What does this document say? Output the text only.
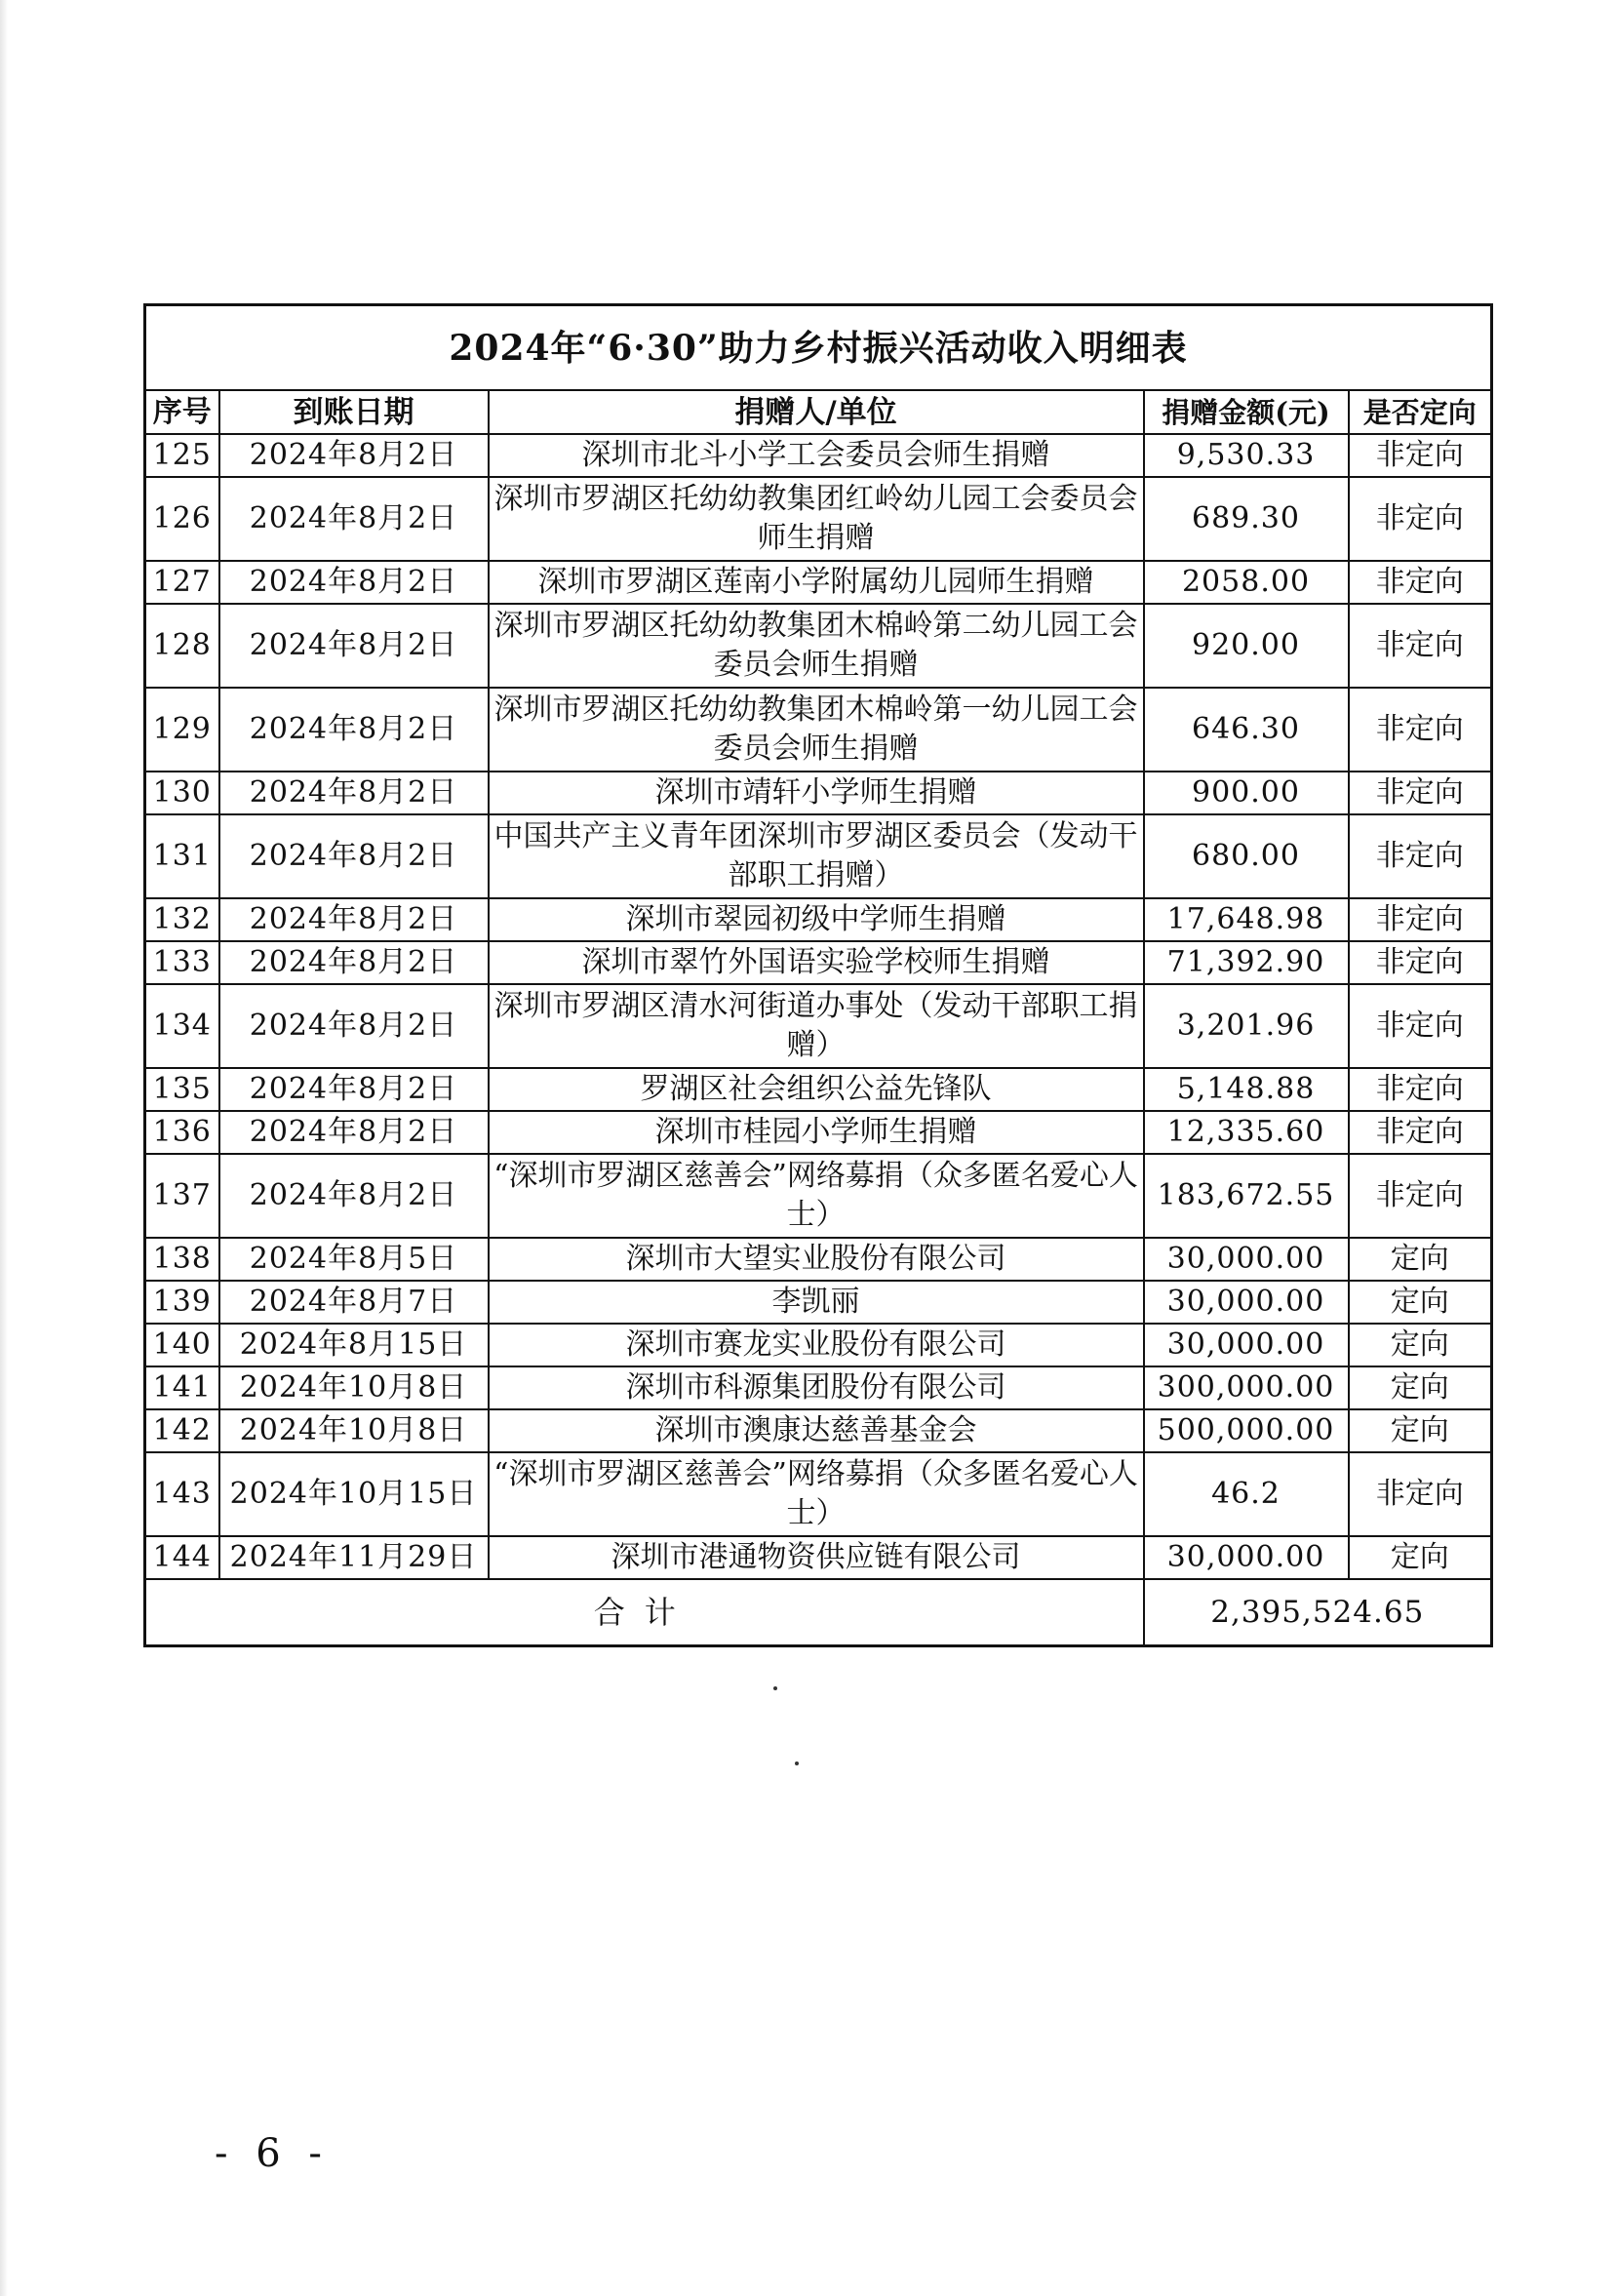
2024年“6·30”助力乡村振兴活动收入明细表				
序号	到账日期	捐赠人/单位	捐赠金额(元)	是否定向
125	2024年8月2日	深圳市北斗小学工会委员会师生捐赠	9,530.33	非定向
126	2024年8月2日	深圳市罗湖区托幼幼教集团红岭幼儿园工会委员会师生捐赠	689.30	非定向
127	2024年8月2日	深圳市罗湖区莲南小学附属幼儿园师生捐赠	2058.00	非定向
128	2024年8月2日	深圳市罗湖区托幼幼教集团木棉岭第二幼儿园工会委员会师生捐赠	920.00	非定向
129	2024年8月2日	深圳市罗湖区托幼幼教集团木棉岭第一幼儿园工会委员会师生捐赠	646.30	非定向
130	2024年8月2日	深圳市靖轩小学师生捐赠	900.00	非定向
131	2024年8月2日	中国共产主义青年团深圳市罗湖区委员会（发动干部职工捐赠）	680.00	非定向
132	2024年8月2日	深圳市翠园初级中学师生捐赠	17,648.98	非定向
133	2024年8月2日	深圳市翠竹外国语实验学校师生捐赠	71,392.90	非定向
134	2024年8月2日	深圳市罗湖区清水河街道办事处（发动干部职工捐赠）	3,201.96	非定向
135	2024年8月2日	罗湖区社会组织公益先锋队	5,148.88	非定向
136	2024年8月2日	深圳市桂园小学师生捐赠	12,335.60	非定向
137	2024年8月2日	“深圳市罗湖区慈善会”网络募捐（众多匿名爱心人士）	183,672.55	非定向
138	2024年8月5日	深圳市大望实业股份有限公司	30,000.00	定向
139	2024年8月7日	李凯丽	30,000.00	定向
140	2024年8月15日	深圳市赛龙实业股份有限公司	30,000.00	定向
141	2024年10月8日	深圳市科源集团股份有限公司	300,000.00	定向
142	2024年10月8日	深圳市澳康达慈善基金会	500,000.00	定向
143	2024年10月15日	“深圳市罗湖区慈善会”网络募捐（众多匿名爱心人士）	46.2	非定向
144	2024年11月29日	深圳市港通物资供应链有限公司	30,000.00	定向
合计			2,395,524.65	
- 6 -
